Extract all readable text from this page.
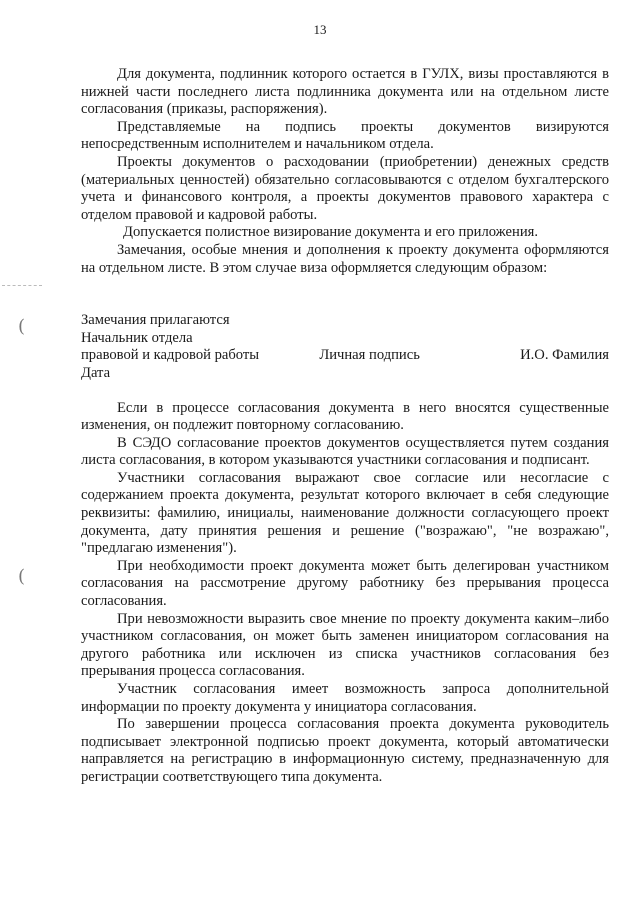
13
(
(

Для документа, подлинник которого остается в ГУЛХ, визы проставляются в нижней части последнего листа подлинника документа или на отдельном листе согласования (приказы, распоряжения).

Представляемые на подпись проекты документов визируются непосредственным исполнителем и начальником отдела.

Проекты документов о расходовании (приобретении) денежных средств (материальных ценностей) обязательно согласовываются с отделом бухгалтерского учета и финансового контроля, а проекты документов правового характера с отделом правовой и кадровой работы.

Допускается полистное визирование документа и его приложения.

Замечания, особые мнения и дополнения к проекту документа оформляются на отдельном листе. В этом случае виза оформляется следующим образом:

Замечания прилагаются
Начальник отдела
правовой и кадровой работы	Личная подпись	И.О. Фамилия
Дата

Если в процессе согласования документа в него вносятся существенные изменения, он подлежит повторному согласованию.

В СЭДО согласование проектов документов осуществляется путем создания листа согласования, в котором указываются участники согласования и подписант.

Участники согласования выражают свое согласие или несогласие с содержанием проекта документа, результат которого включает в себя следующие реквизиты: фамилию, инициалы, наименование должности согласующего проект документа, дату принятия решения и решение ("возражаю", "не возражаю", "предлагаю изменения").

При необходимости проект документа может быть делегирован участником согласования на рассмотрение другому работнику без прерывания процесса согласования.

При невозможности выразить свое мнение по проекту документа каким–либо участником согласования, он может быть заменен инициатором согласования на другого работника или исключен из списка участников согласования без прерывания процесса согласования.

Участник согласования имеет возможность запроса дополнительной информации по проекту документа у инициатора согласования.

По завершении процесса согласования проекта документа руководитель подписывает электронной подписью проект документа, который автоматически направляется на регистрацию в информационную систему, предназначенную для регистрации соответствующего типа документа.
